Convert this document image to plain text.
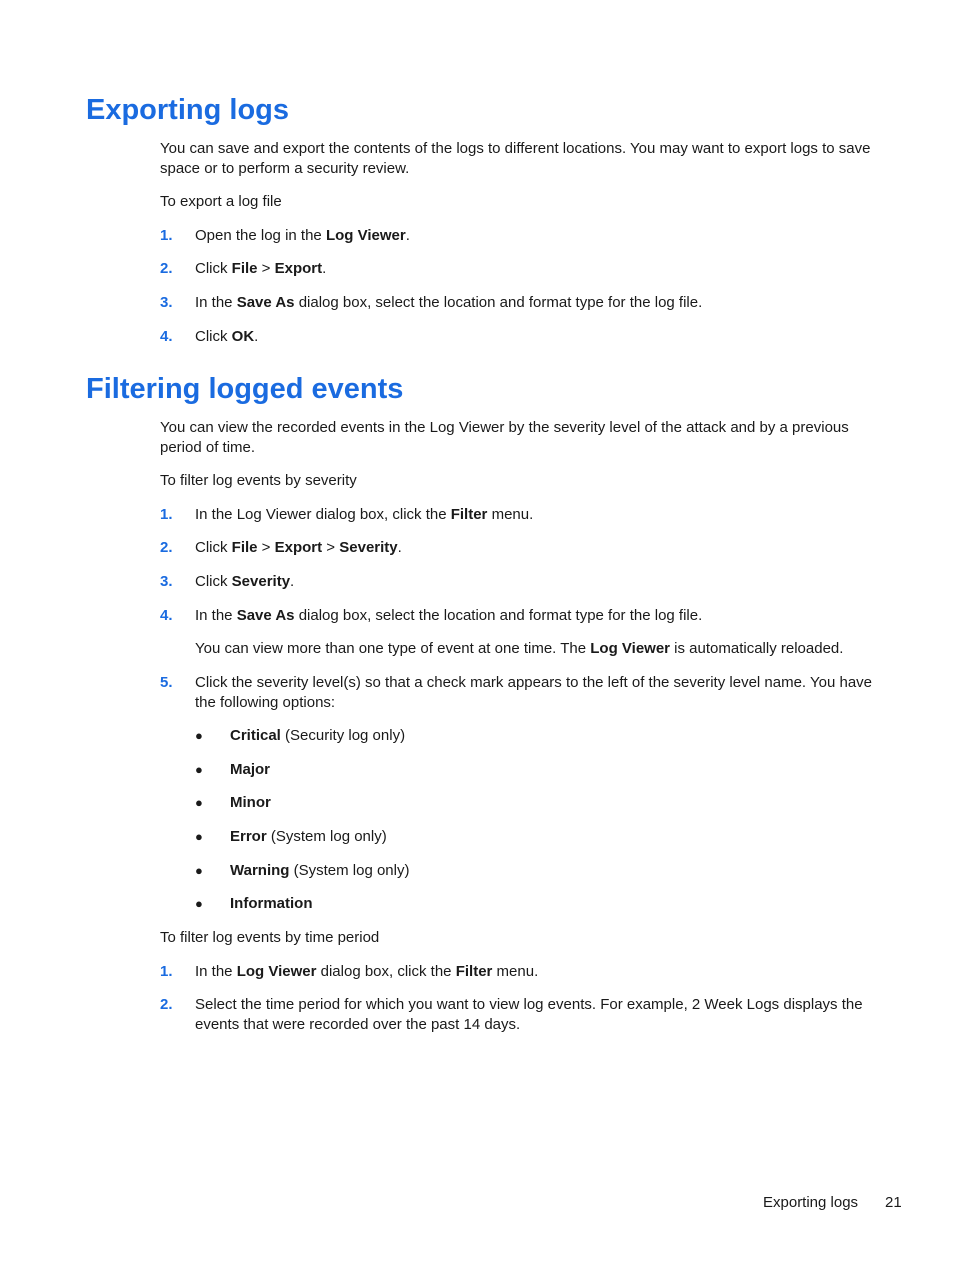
Exporting logs

You can save and export the contents of the logs to different locations. You may want to export logs to save space or to perform a security review.

To export a log file

1. Open the log in the Log Viewer.
2. Click File > Export.
3. In the Save As dialog box, select the location and format type for the log file.
4. Click OK.
Filtering logged events

You can view the recorded events in the Log Viewer by the severity level of the attack and by a previous period of time.

To filter log events by severity

1. In the Log Viewer dialog box, click the Filter menu.
2. Click File > Export > Severity.
3. Click Severity.
4. In the Save As dialog box, select the location and format type for the log file.

You can view more than one type of event at one time. The Log Viewer is automatically reloaded.

5. Click the severity level(s) so that a check mark appears to the left of the severity level name. You have the following options:
● Critical (Security log only)
● Major
● Minor
● Error (System log only)
● Warning (System log only)
● Information

To filter log events by time period

1. In the Log Viewer dialog box, click the Filter menu.
2. Select the time period for which you want to view log events. For example, 2 Week Logs displays the events that were recorded over the past 14 days.
Exporting logs 21
